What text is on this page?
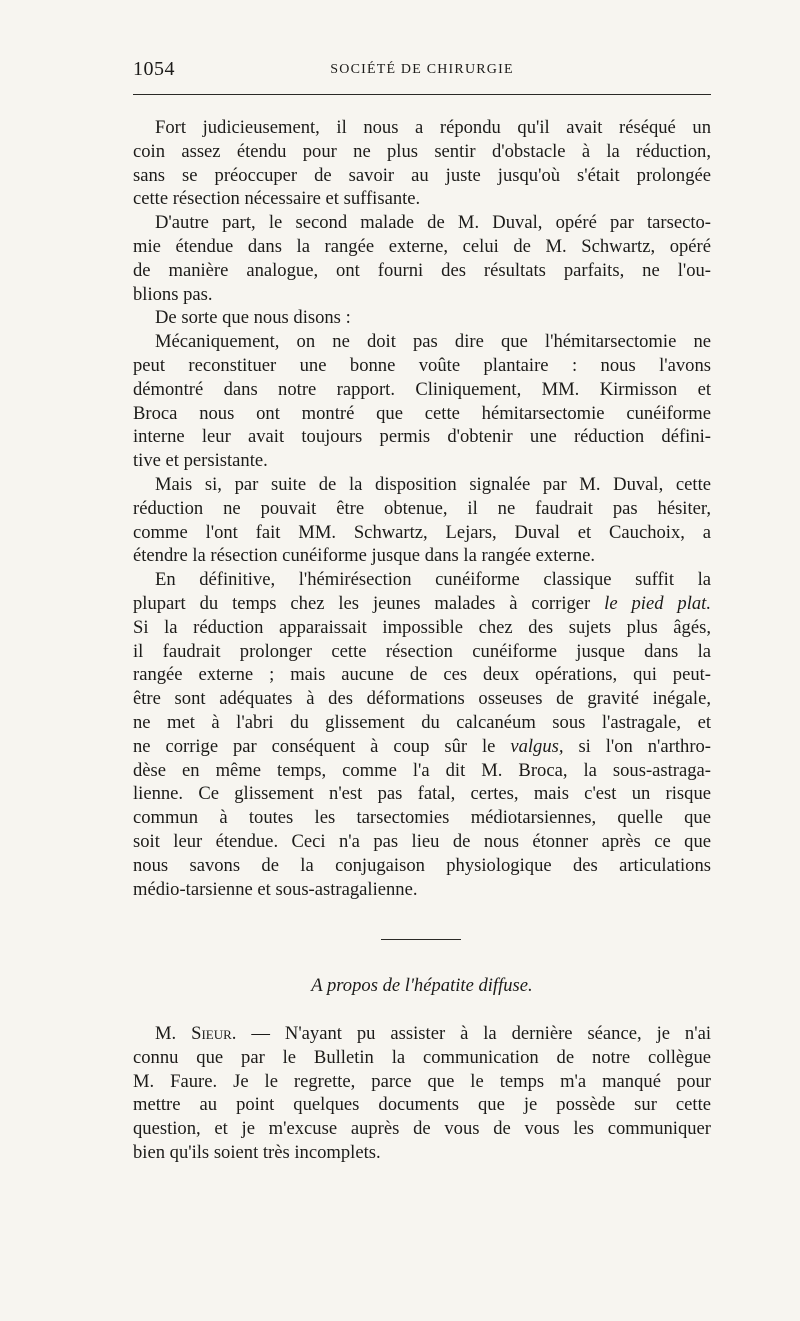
1054	SOCIÉTÉ DE CHIRURGIE
Fort judicieusement, il nous a répondu qu'il avait réséqué un
coin assez étendu pour ne plus sentir d'obstacle à la réduction,
sans se préoccuper de savoir au juste jusqu'où s'était prolongée
cette résection nécessaire et suffisante.
D'autre part, le second malade de M. Duval, opéré par tarsecto-
mie étendue dans la rangée externe, celui de M. Schwartz, opéré
de manière analogue, ont fourni des résultats parfaits, ne l'ou-
blions pas.
De sorte que nous disons :
Mécaniquement, on ne doit pas dire que l'hémitarsectomie ne
peut reconstituer une bonne voûte plantaire : nous l'avons
démontré dans notre rapport. Cliniquement, MM. Kirmisson et
Broca nous ont montré que cette hémitarsectomie cunéiforme
interne leur avait toujours permis d'obtenir une réduction défini-
tive et persistante.
Mais si, par suite de la disposition signalée par M. Duval, cette
réduction ne pouvait être obtenue, il ne faudrait pas hésiter,
comme l'ont fait MM. Schwartz, Lejars, Duval et Cauchoix, a
étendre la résection cunéiforme jusque dans la rangée externe.
En définitive, l'hémirésection cunéiforme classique suffit la
plupart du temps chez les jeunes malades à corriger le pied plat.
Si la réduction apparaissait impossible chez des sujets plus âgés,
il faudrait prolonger cette résection cunéiforme jusque dans la
rangée externe ; mais aucune de ces deux opérations, qui peut-
être sont adéquates à des déformations osseuses de gravité inégale,
ne met à l'abri du glissement du calcanéum sous l'astragale, et
ne corrige par conséquent à coup sûr le valgus, si l'on n'arthro-
dèse en même temps, comme l'a dit M. Broca, la sous-astraga-
lienne. Ce glissement n'est pas fatal, certes, mais c'est un risque
commun à toutes les tarsectomies médiotarsiennes, quelle que
soit leur étendue. Ceci n'a pas lieu de nous étonner après ce que
nous savons de la conjugaison physiologique des articulations
médio-tarsienne et sous-astragalienne.
A propos de l'hépatite diffuse.
M. Sieur. — N'ayant pu assister à la dernière séance, je n'ai
connu que par le Bulletin la communication de notre collègue
M. Faure. Je le regrette, parce que le temps m'a manqué pour
mettre au point quelques documents que je possède sur cette
question, et je m'excuse auprès de vous de vous les communiquer
bien qu'ils soient très incomplets.
